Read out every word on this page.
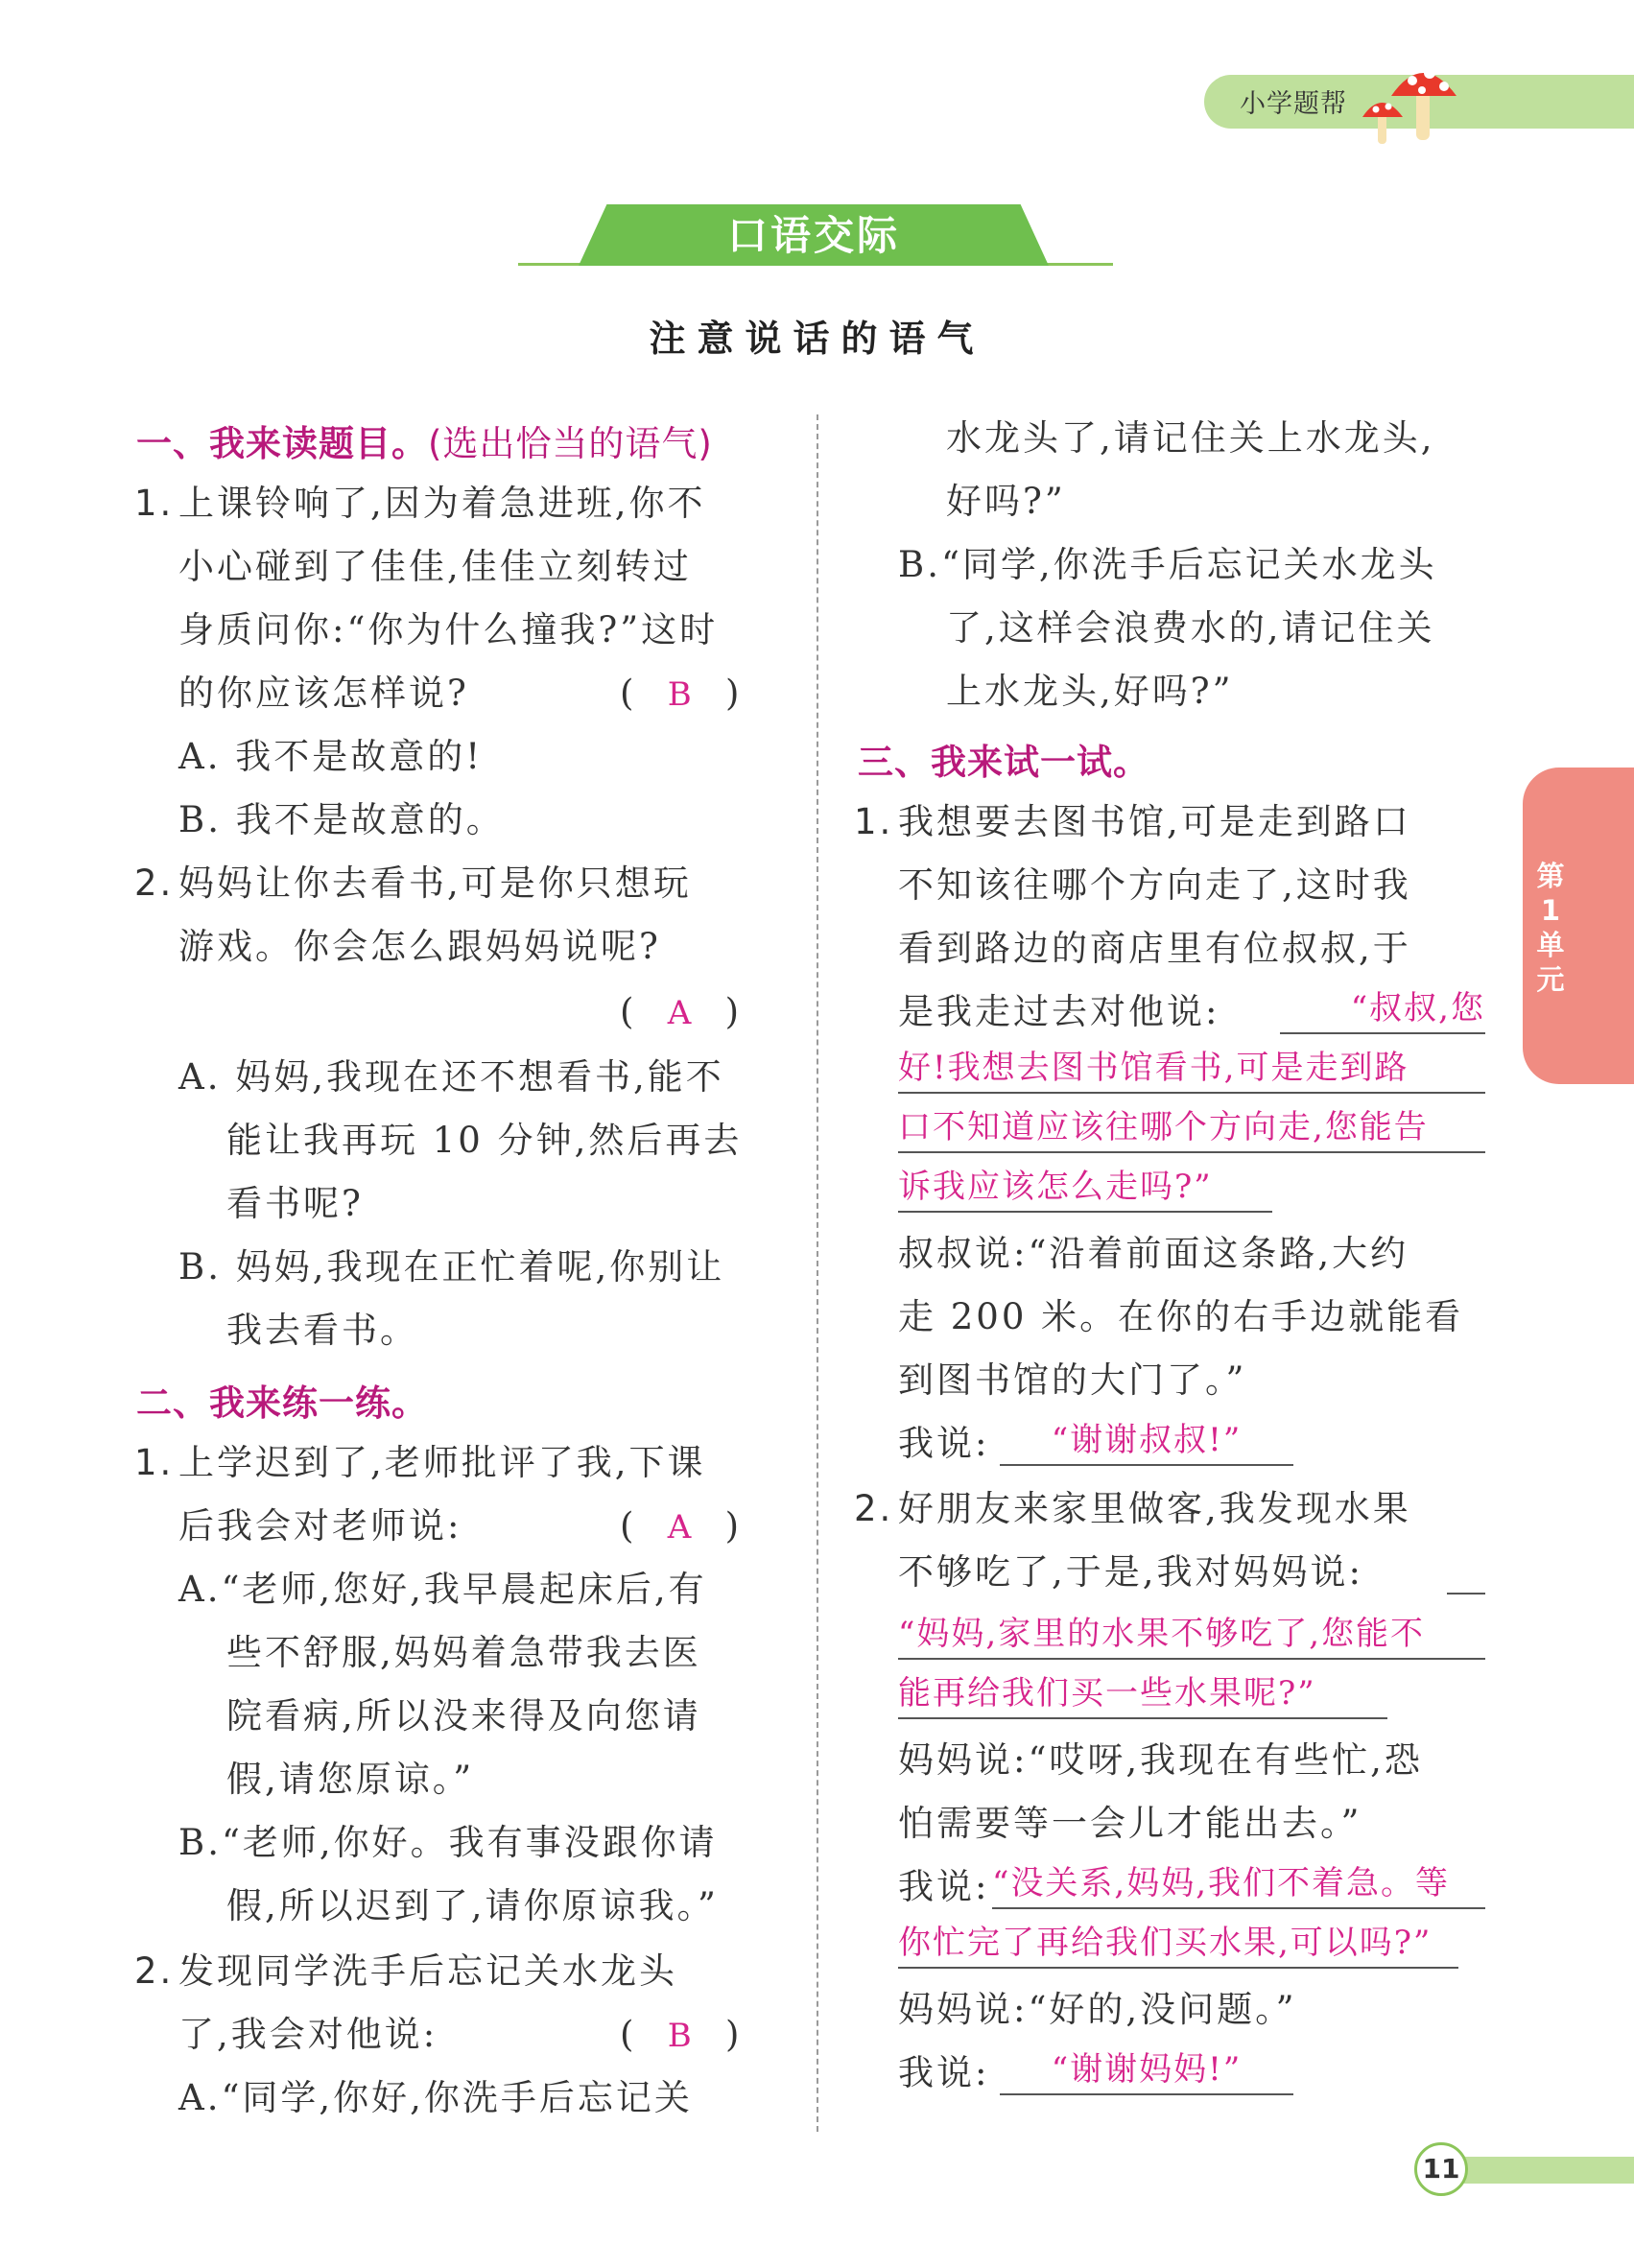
小学题帮
口语交际
注意说话的语气
一、我来读题目。(选出恰当的语气)
1. 上课铃响了,因为着急进班,你不
小心碰到了佳佳,佳佳立刻转过
身质问你:“你为什么撞我?”这时
的你应该怎样说?	(   B   )
A. 我不是故意的!
B. 我不是故意的。
2. 妈妈让你去看书,可是你只想玩
游戏。你会怎么跟妈妈说呢?
(   A   )
A. 妈妈,我现在还不想看书,能不
能让我再玩 10 分钟,然后再去
看书呢?
B. 妈妈,我现在正忙着呢,你别让
我去看书。
二、我来练一练。
1. 上学迟到了,老师批评了我,下课
后我会对老师说:	(   A   )
A.“老师,您好,我早晨起床后,有
些不舒服,妈妈着急带我去医
院看病,所以没来得及向您请
假,请您原谅。”
B.“老师,你好。我有事没跟你请
假,所以迟到了,请你原谅我。”
2. 发现同学洗手后忘记关水龙头
了,我会对他说:	(   B   )
A.“同学,你好,你洗手后忘记关
水龙头了,请记住关上水龙头,
好吗?”
B.“同学,你洗手后忘记关水龙头
了,这样会浪费水的,请记住关
上水龙头,好吗?”
三、我来试一试。
1. 我想要去图书馆,可是走到路口
不知该往哪个方向走了,这时我
看到路边的商店里有位叔叔,于
是我走过去对他说:	“叔叔,您
好!我想去图书馆看书,可是走到路
口不知道应该往哪个方向走,您能告
诉我应该怎么走吗?”
叔叔说:“沿着前面这条路,大约
走 200 米。在你的右手边就能看
到图书馆的大门了。”
我说:	“谢谢叔叔!”
2. 好朋友来家里做客,我发现水果
不够吃了,于是,我对妈妈说:
“妈妈,家里的水果不够吃了,您能不
能再给我们买一些水果呢?”
妈妈说:“哎呀,我现在有些忙,恐
怕需要等一会儿才能出去。”
我说: “没关系,妈妈,我们不着急。等
你忙完了再给我们买水果,可以吗?”
妈妈说:“好的,没问题。”
我说:	“谢谢妈妈!”
第1单元
11
